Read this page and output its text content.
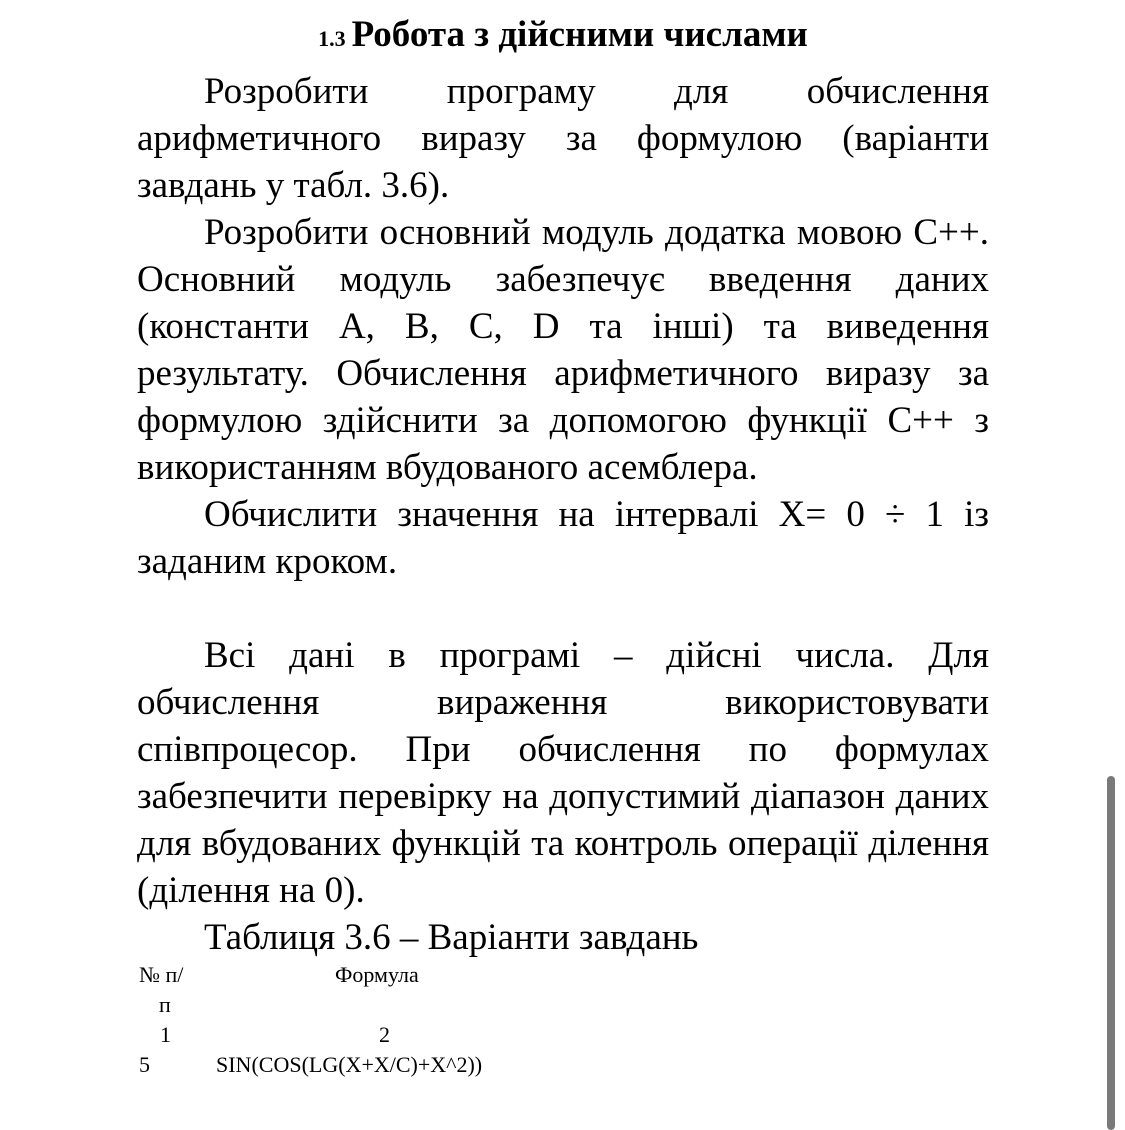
1.3 Робота з дійсними числами

Розробити програму для обчислення арифметичного виразу за формулою (варіанти завдань у табл. 3.6).

Розробити основний модуль додатка мовою С++. Основний модуль забезпечує введення даних (константи A, B, C, D та інші) та виведення результату. Обчислення арифметичного виразу за формулою здійснити за допомогою функції С++ з використанням вбудованого асемблера.

Обчислити значення на інтервалі X= 0 ÷ 1 із заданим кроком.

Всі дані в програмі – дійсні числа. Для обчислення вираження використовувати співпроцесор. При обчислення по формулах забезпечити перевірку на допустимий діапазон даних для вбудованих функцій та контроль операції ділення (ділення на 0).

Таблиця 3.6 – Варіанти завдань

№ п/	Формула
п
1	2
5	SIN(COS(LG(X+X/C)+X^2))
